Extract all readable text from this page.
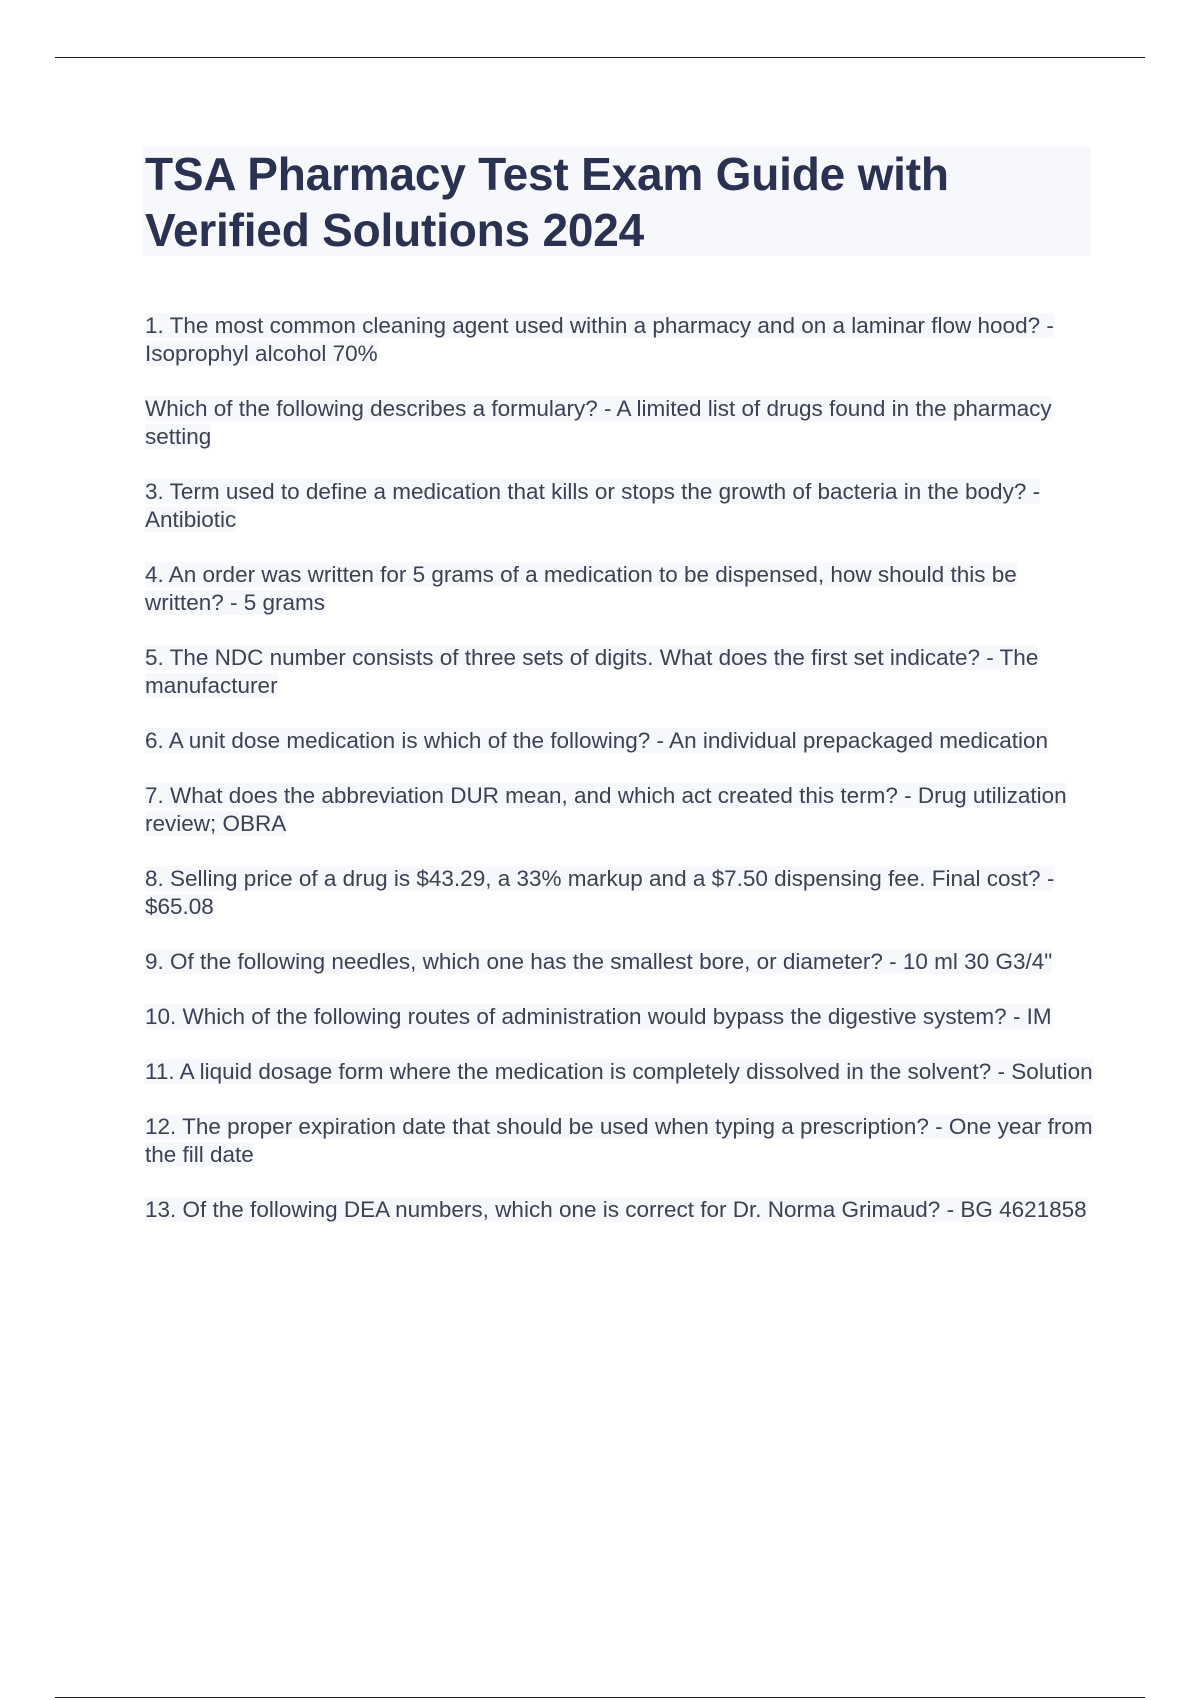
TSA Pharmacy Test Exam Guide with
Verified Solutions 2024
1. The most common cleaning agent used within a pharmacy and on a laminar flow hood? - Isoprophyl alcohol 70%
Which of the following describes a formulary? - A limited list of drugs found in the pharmacy setting
3. Term used to define a medication that kills or stops the growth of bacteria in the body? - Antibiotic
4. An order was written for 5 grams of a medication to be dispensed, how should this be written? - 5 grams
5. The NDC number consists of three sets of digits. What does the first set indicate? - The manufacturer
6. A unit dose medication is which of the following? - An individual prepackaged medication
7. What does the abbreviation DUR mean, and which act created this term? - Drug utilization review; OBRA
8. Selling price of a drug is $43.29, a 33% markup and a $7.50 dispensing fee. Final cost? - $65.08
9. Of the following needles, which one has the smallest bore, or diameter? - 10 ml 30 G3/4"
10. Which of the following routes of administration would bypass the digestive system? - IM
11. A liquid dosage form where the medication is completely dissolved in the solvent? - Solution
12. The proper expiration date that should be used when typing a prescription? - One year from the fill date
13. Of the following DEA numbers, which one is correct for Dr. Norma Grimaud? - BG 4621858
